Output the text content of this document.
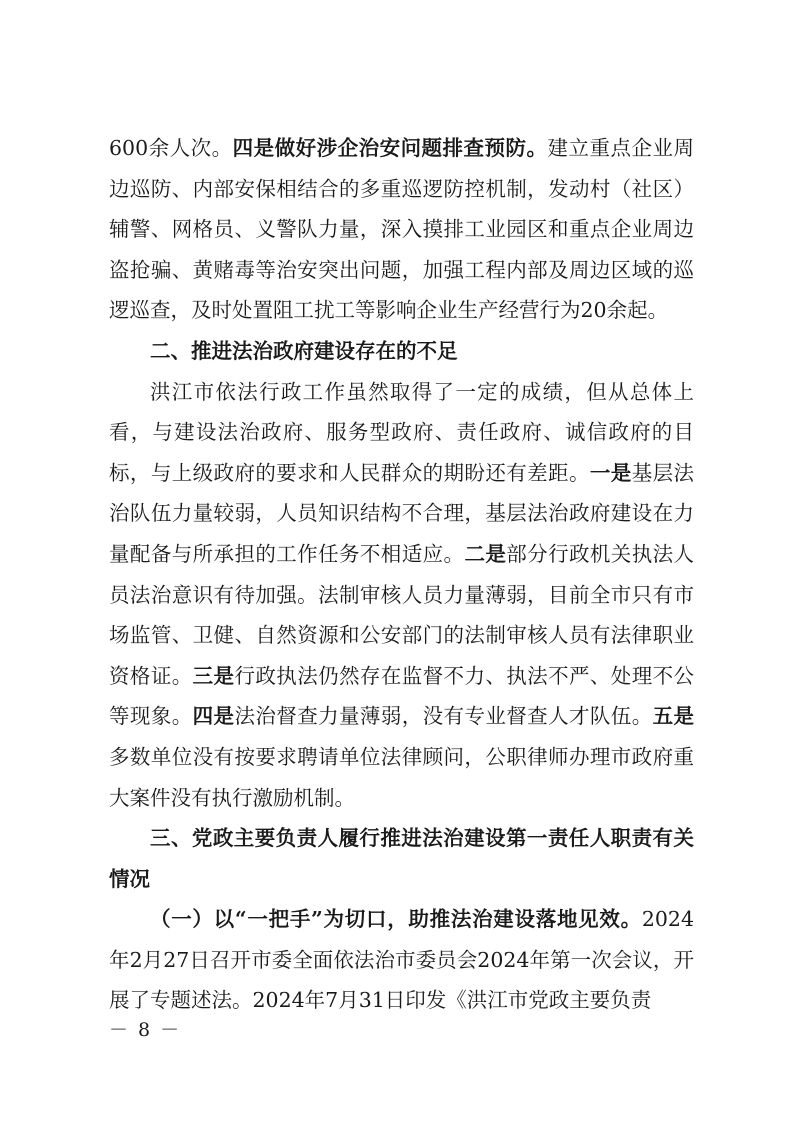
600余人次。四是做好涉企治安问题排查预防。建立重点企业周边巡防、内部安保相结合的多重巡逻防控机制，发动村（社区）辅警、网格员、义警队力量，深入摸排工业园区和重点企业周边盗抢骗、黄赌毒等治安突出问题，加强工程内部及周边区域的巡逻巡查，及时处置阻工扰工等影响企业生产经营行为20余起。

二、推进法治政府建设存在的不足

洪江市依法行政工作虽然取得了一定的成绩，但从总体上看，与建设法治政府、服务型政府、责任政府、诚信政府的目标，与上级政府的要求和人民群众的期盼还有差距。一是基层法治队伍力量较弱，人员知识结构不合理，基层法治政府建设在力量配备与所承担的工作任务不相适应。二是部分行政机关执法人员法治意识有待加强。法制审核人员力量薄弱，目前全市只有市场监管、卫健、自然资源和公安部门的法制审核人员有法律职业资格证。三是行政执法仍然存在监督不力、执法不严、处理不公等现象。四是法治督查力量薄弱，没有专业督查人才队伍。五是多数单位没有按要求聘请单位法律顾问，公职律师办理市政府重大案件没有执行激励机制。

三、党政主要负责人履行推进法治建设第一责任人职责有关情况

（一）以“一把手”为切口，助推法治建设落地见效。2024年2月27日召开市委全面依法治市委员会2024年第一次会议，开展了专题述法。2024年7月31日印发《洪江市党政主要负责

－ 8 －
